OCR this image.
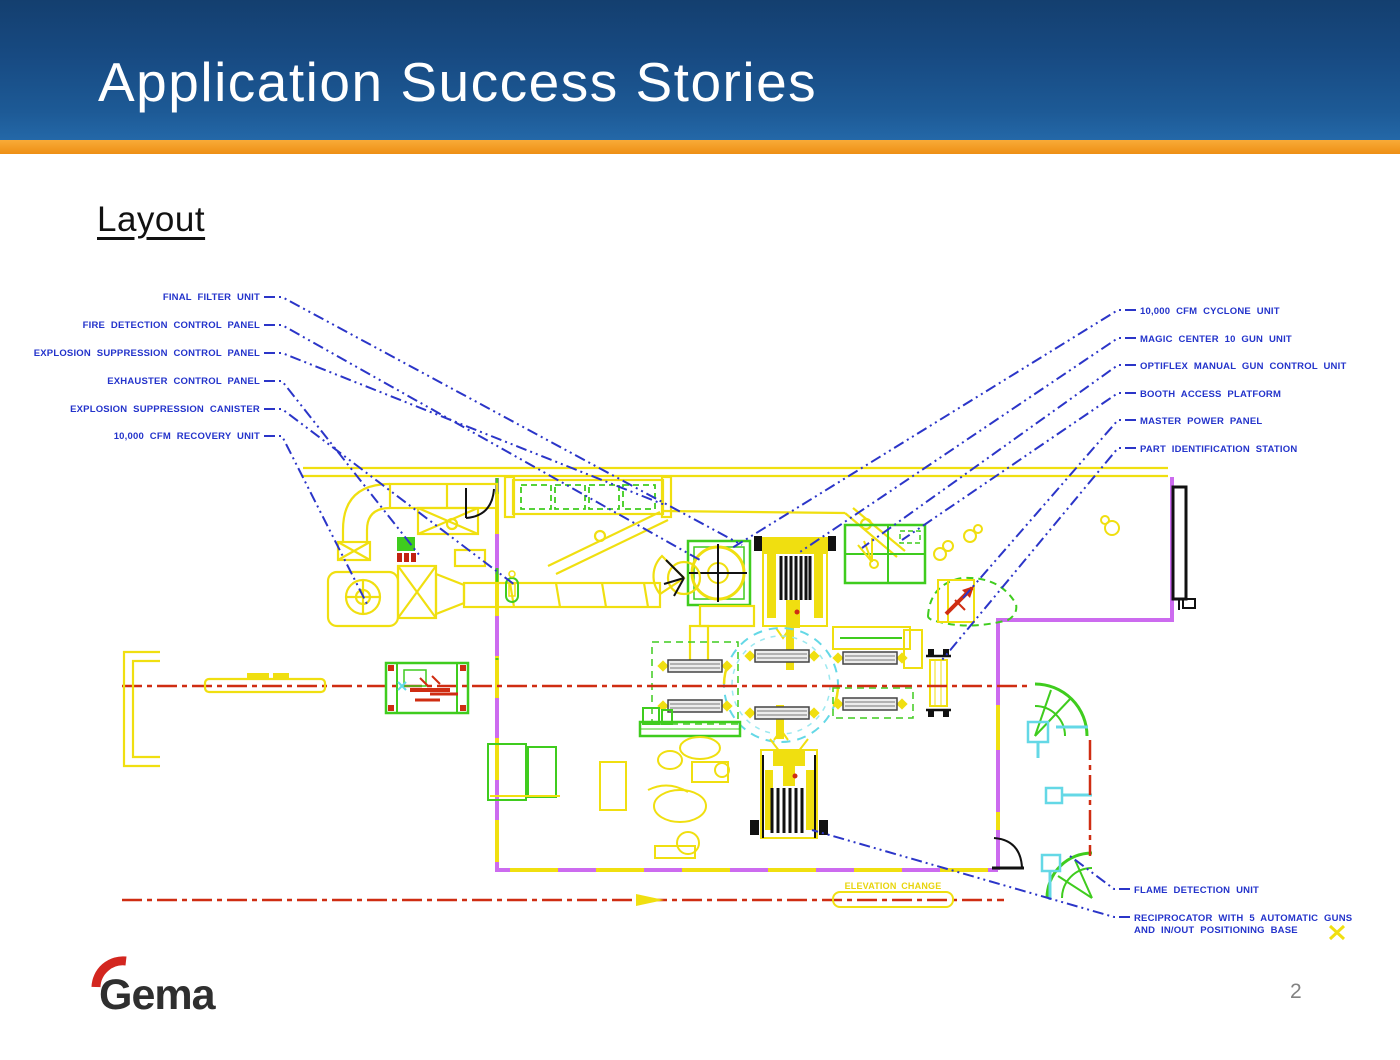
Application Success Stories
Layout
FINAL FILTER UNIT
FIRE DETECTION CONTROL PANEL
EXPLOSION SUPPRESSION CONTROL PANEL
EXHAUSTER CONTROL PANEL
EXPLOSION SUPPRESSION CANISTER
10,000 CFM RECOVERY UNIT
10,000 CFM CYCLONE UNIT
MAGIC CENTER 10 GUN UNIT
OPTIFLEX MANUAL GUN CONTROL UNIT
BOOTH ACCESS PLATFORM
MASTER POWER PANEL
PART IDENTIFICATION STATION
FLAME DETECTION UNIT
RECIPROCATOR WITH 5 AUTOMATIC GUNS
AND IN/OUT POSITIONING BASE
ELEVATION CHANGE
Gema	2
